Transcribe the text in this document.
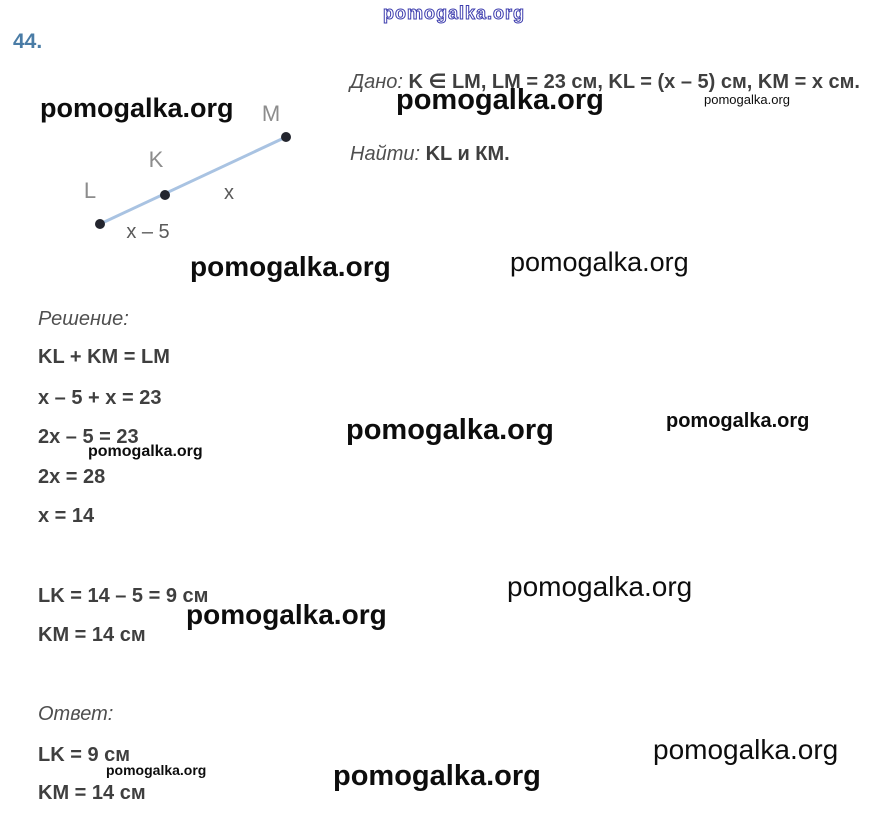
pomogalka.org
44.
pomogalka.org
L
K
M
x
x – 5
Дано: K ∈ LM, LM = 23 см, KL = (x – 5) см, KM = х см.
pomogalka.org	pomogalka.org
Найти: KL и КМ.
pomogalka.org	pomogalka.org
Решение:
KL + KM = LM
x – 5 + x = 23
2x – 5 = 23
2x = 28
x = 14
pomogalka.org
pomogalka.org	pomogalka.org
LK = 14 – 5 = 9 см
KM = 14 см
pomogalka.org
pomogalka.org
Ответ:
LK = 9 см
KM = 14 см
pomogalka.org
pomogalka.org
pomogalka.org
